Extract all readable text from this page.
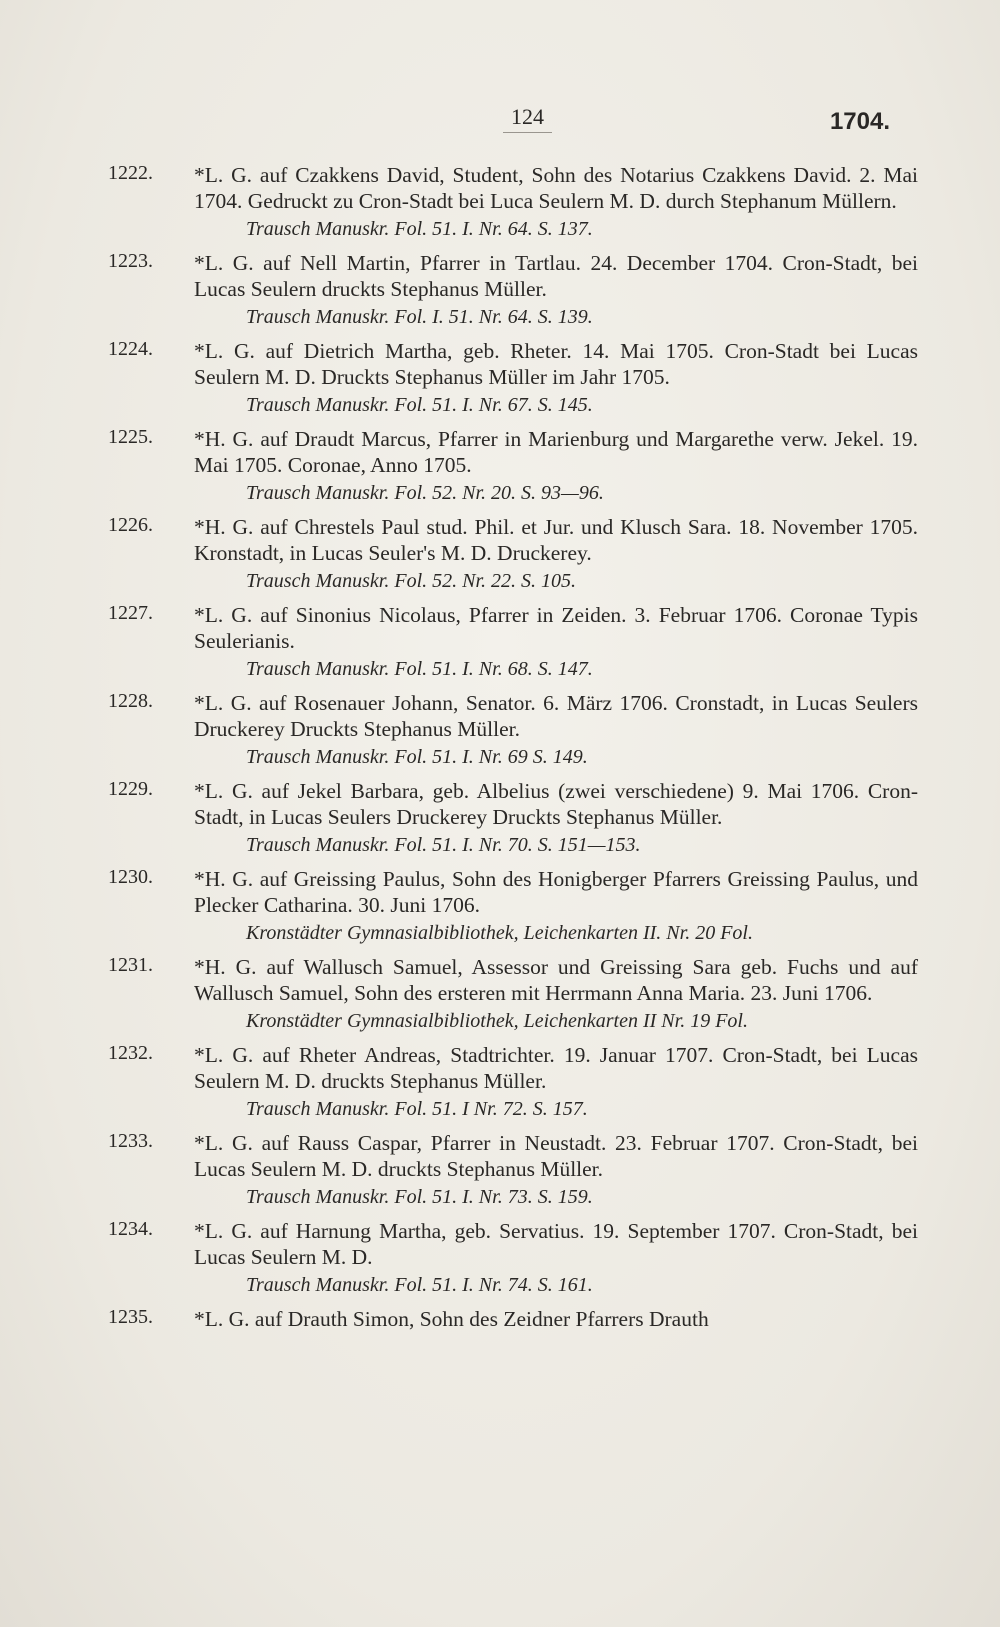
124	1704.
1222. *L. G. auf Czakkens David, Student, Sohn des Notarius Czakkens David. 2. Mai 1704. Gedruckt zu Cron-Stadt bei Luca Seulern M. D. durch Stephanum Müllern.
Trausch Manuskr. Fol. 51. I. Nr. 64. S. 137.
1223. *L. G. auf Nell Martin, Pfarrer in Tartlau. 24. December 1704. Cron-Stadt, bei Lucas Seulern druckts Stephanus Müller.
Trausch Manuskr. Fol. I. 51. Nr. 64. S. 139.
1224. *L. G. auf Dietrich Martha, geb. Rheter. 14. Mai 1705. Cron-Stadt bei Lucas Seulern M. D. Druckts Stephanus Müller im Jahr 1705.
Trausch Manuskr. Fol. 51. I. Nr. 67. S. 145.
1225. *H. G. auf Draudt Marcus, Pfarrer in Marienburg und Margarethe verw. Jekel. 19. Mai 1705. Coronae, Anno 1705.
Trausch Manuskr. Fol. 52. Nr. 20. S. 93—96.
1226. *H. G. auf Chrestels Paul stud. Phil. et Jur. und Klusch Sara. 18. November 1705. Kronstadt, in Lucas Seuler's M. D. Druckerey.
Trausch Manuskr. Fol. 52. Nr. 22. S. 105.
1227. *L. G. auf Sinonius Nicolaus, Pfarrer in Zeiden. 3. Februar 1706. Coronae Typis Seulerianis.
Trausch Manuskr. Fol. 51. I. Nr. 68. S. 147.
1228. *L. G. auf Rosenauer Johann, Senator. 6. März 1706. Cronstadt, in Lucas Seulers Druckerey Druckts Stephanus Müller.
Trausch Manuskr. Fol. 51. I. Nr. 69 S. 149.
1229. *L. G. auf Jekel Barbara, geb. Albelius (zwei verschiedene) 9. Mai 1706. Cron-Stadt, in Lucas Seulers Druckerey Druckts Stephanus Müller.
Trausch Manuskr. Fol. 51. I. Nr. 70. S. 151—153.
1230. *H. G. auf Greissing Paulus, Sohn des Honigberger Pfarrers Greissing Paulus, und Plecker Catharina. 30. Juni 1706.
Kronstädter Gymnasialbibliothek, Leichenkarten II. Nr. 20 Fol.
1231. *H. G. auf Wallusch Samuel, Assessor und Greissing Sara geb. Fuchs und auf Wallusch Samuel, Sohn des ersteren mit Herrmann Anna Maria. 23. Juni 1706.
Kronstädter Gymnasialbibliothek, Leichenkarten II Nr. 19 Fol.
1232. *L. G. auf Rheter Andreas, Stadtrichter. 19. Januar 1707. Cron-Stadt, bei Lucas Seulern M. D. druckts Stephanus Müller.
Trausch Manuskr. Fol. 51. I Nr. 72. S. 157.
1233. *L. G. auf Rauss Caspar, Pfarrer in Neustadt. 23. Februar 1707. Cron-Stadt, bei Lucas Seulern M. D. druckts Stephanus Müller.
Trausch Manuskr. Fol. 51. I. Nr. 73. S. 159.
1234. *L. G. auf Harnung Martha, geb. Servatius. 19. September 1707. Cron-Stadt, bei Lucas Seulern M. D.
Trausch Manuskr. Fol. 51. I. Nr. 74. S. 161.
1235. *L. G. auf Drauth Simon, Sohn des Zeidner Pfarrers Drauth
